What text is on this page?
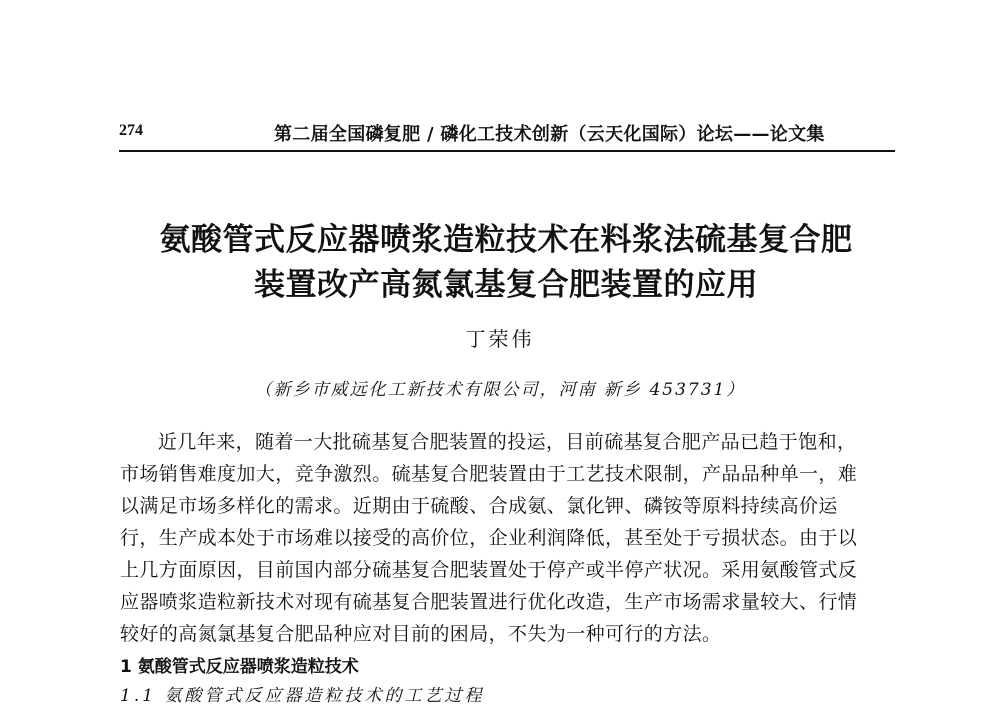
274	第二届全国磷复肥 / 磷化工技术创新（云天化国际）论坛——论文集
氨酸管式反应器喷浆造粒技术在料浆法硫基复合肥
装置改产高氮氯基复合肥装置的应用
丁荣伟
（新乡市威远化工新技术有限公司，河南 新乡 453731）
近几年来，随着一大批硫基复合肥装置的投运，目前硫基复合肥产品已趋于饱和，
市场销售难度加大，竞争激烈。硫基复合肥装置由于工艺技术限制，产品品种单一，难
以满足市场多样化的需求。近期由于硫酸、合成氨、氯化钾、磷铵等原料持续高价运
行，生产成本处于市场难以接受的高价位，企业利润降低，甚至处于亏损状态。由于以
上几方面原因，目前国内部分硫基复合肥装置处于停产或半停产状况。采用氨酸管式反
应器喷浆造粒新技术对现有硫基复合肥装置进行优化改造，生产市场需求量较大、行情
较好的高氮氯基复合肥品种应对目前的困局，不失为一种可行的方法。
1 氨酸管式反应器喷浆造粒技术
1.1 氨酸管式反应器造粒技术的工艺过程
